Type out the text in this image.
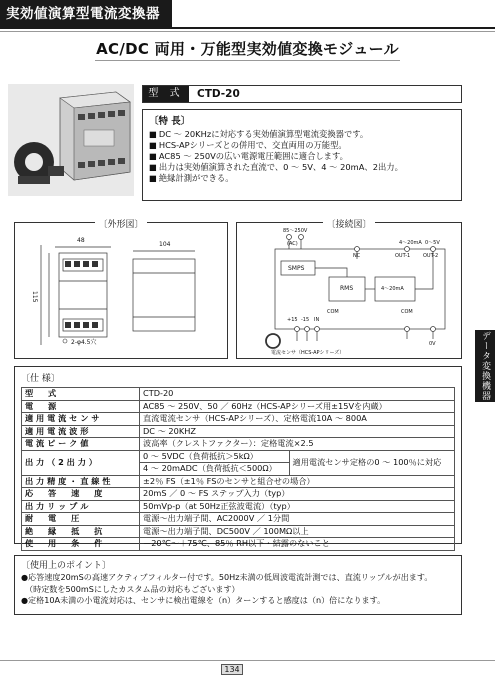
実効値演算型電流変換器
AC/DC 両用・万能型実効値変換モジュール
型 式	CTD-20
〔特 長〕
■ DC ～ 20KHzに対応する実効値演算型電流変換器です。
■ HCS-APシリーズとの併用で、交直両用の万能型。
■ AC85 ～ 250Vの広い電源電圧範囲に適合します。
■ 出力は実効値演算された直流で、0 ～ 5V、4 ～ 20mA、2出力。
■ 絶縁計測ができる。
〔外形図〕
48
104
115
2-φ4.5穴
〔接続図〕
85～250V
(AC)	4～20mA 0～5V
OUT-1	OUT-2
NC
SMPS
RMS	4～20mA
COM	COM
+15 -15 IN
0V
電流センサ（HCS-APシリーズ）	データ変換機器
〔仕 様〕
型 式	CTD-20	
電 源	AC85 ～ 250V、50 ／ 60Hz（HCS-APシリーズ用±15Vを内蔵）	
適 用 電 流 セ ン サ	直流電流センサ（HCS-APシリーズ）、定格電流10A ～ 800A	
適 用 電 流 波 形	DC ～ 20KHZ	
電 流 ピ ー ク 値	波高率（クレストファクター）：定格電流×2.5	
出 力 （ 2 出 力 ）	0 ～ 5VDC（負荷抵抗＞5kΩ）	適用電流センサ定格の0 ～ 100％に対応
	4 ～ 20mADC（負荷抵抗＜500Ω）	
出 力 精 度 ・ 直 線 性	±2％ FS（±1％ FSのセンサと組合せの場合）	
応 答 速 度	20mS ／ 0 ～ FS ステップ入力（typ）	
出 力 リ ッ プ ル	50mVp-p（at 50Hz正弦波電流）（typ）	
耐 電 圧	電源～出力端子間、AC2000V ／ 1分間	
絶 縁 抵 抗	電源～出力端子間、DC500V ／ 100MΩ以上	
使 用 条 件	－20℃～＋75℃、85％ RH以下・結露のないこと	
〔使用上のポイント〕
●応答速度20mSの高速アクティブフィルター付です。50Hz未満の低周波電流計測では、直流リップルが出ます。
（時定数を500mSにしたカスタム品の対応もございます）
●定格10A未満の小電流対応は、センサに検出電線を（n）ターンすると感度は（n）倍になります。
134
